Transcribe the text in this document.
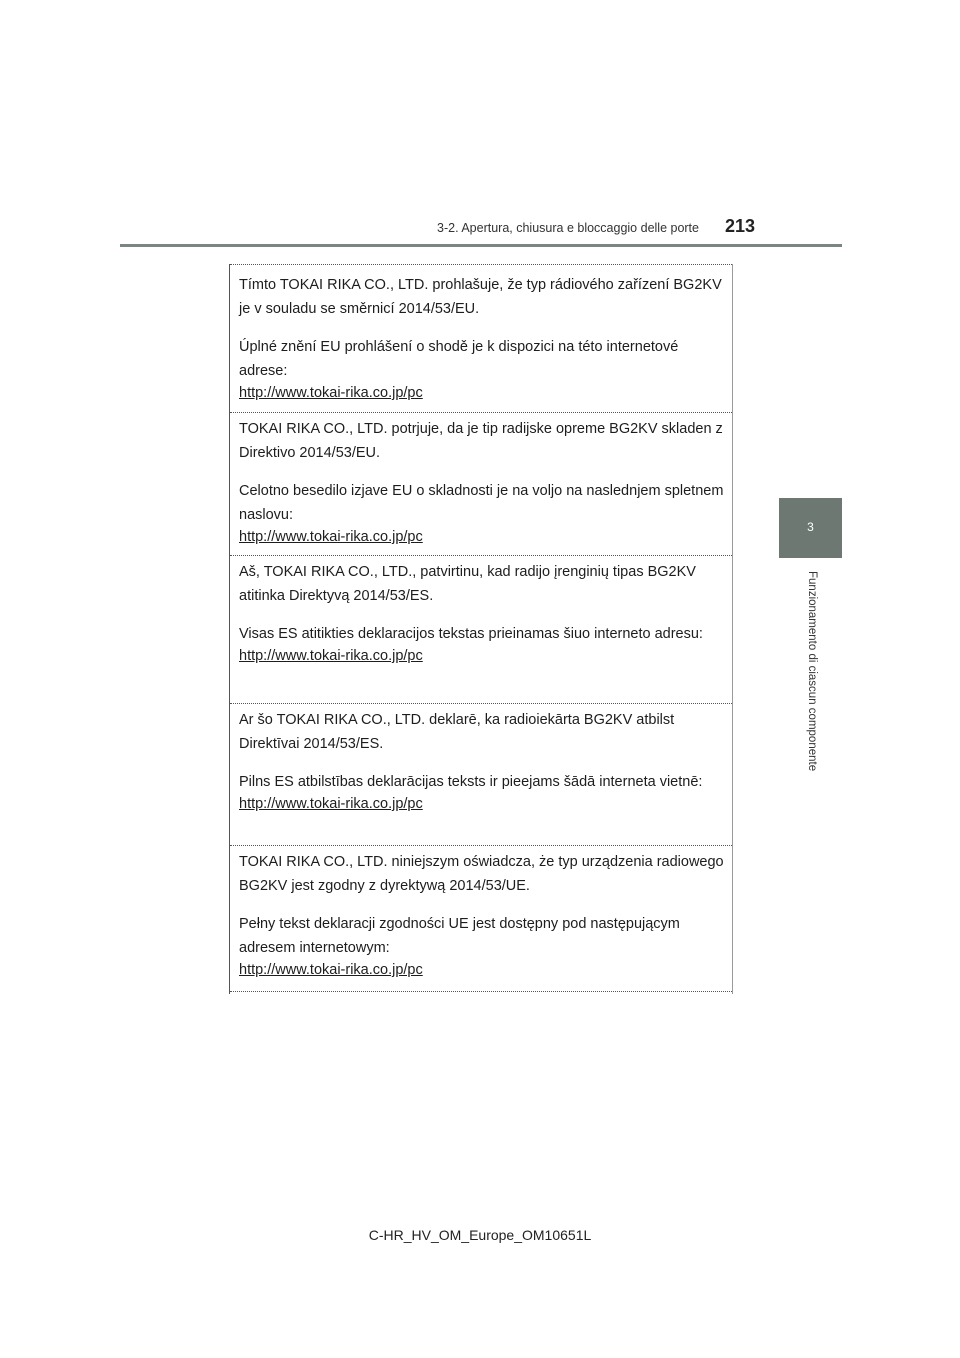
3-2. Apertura, chiusura e bloccaggio delle porte 213
3
Funzionamento di ciascun componente

Tímto TOKAI RIKA CO., LTD. prohlašuje, že typ rádiového zařízení BG2KV je v souladu se směrnicí 2014/53/EU.

Úplné znění EU prohlášení o shodě je k dispozici na této internetové adrese:

http://www.tokai-rika.co.jp/pc

TOKAI RIKA CO., LTD. potrjuje, da je tip radijske opreme BG2KV skladen z Direktivo 2014/53/EU.

Celotno besedilo izjave EU o skladnosti je na voljo na naslednjem spletnem naslovu:

http://www.tokai-rika.co.jp/pc

Aš, TOKAI RIKA CO., LTD., patvirtinu, kad radijo įrenginių tipas BG2KV atitinka Direktyvą 2014/53/ES.

Visas ES atitikties deklaracijos tekstas prieinamas šiuo interneto adresu:

http://www.tokai-rika.co.jp/pc

Ar šo TOKAI RIKA CO., LTD. deklarē, ka radioiekārta BG2KV atbilst Direktīvai 2014/53/ES.

Pilns ES atbilstības deklarācijas teksts ir pieejams šādā interneta vietnē:

http://www.tokai-rika.co.jp/pc

TOKAI RIKA CO., LTD. niniejszym oświadcza, że typ urządzenia radiowego BG2KV jest zgodny z dyrektywą 2014/53/UE.

Pełny tekst deklaracji zgodności UE jest dostępny pod następującym adresem internetowym:

http://www.tokai-rika.co.jp/pc
C-HR_HV_OM_Europe_OM10651L
